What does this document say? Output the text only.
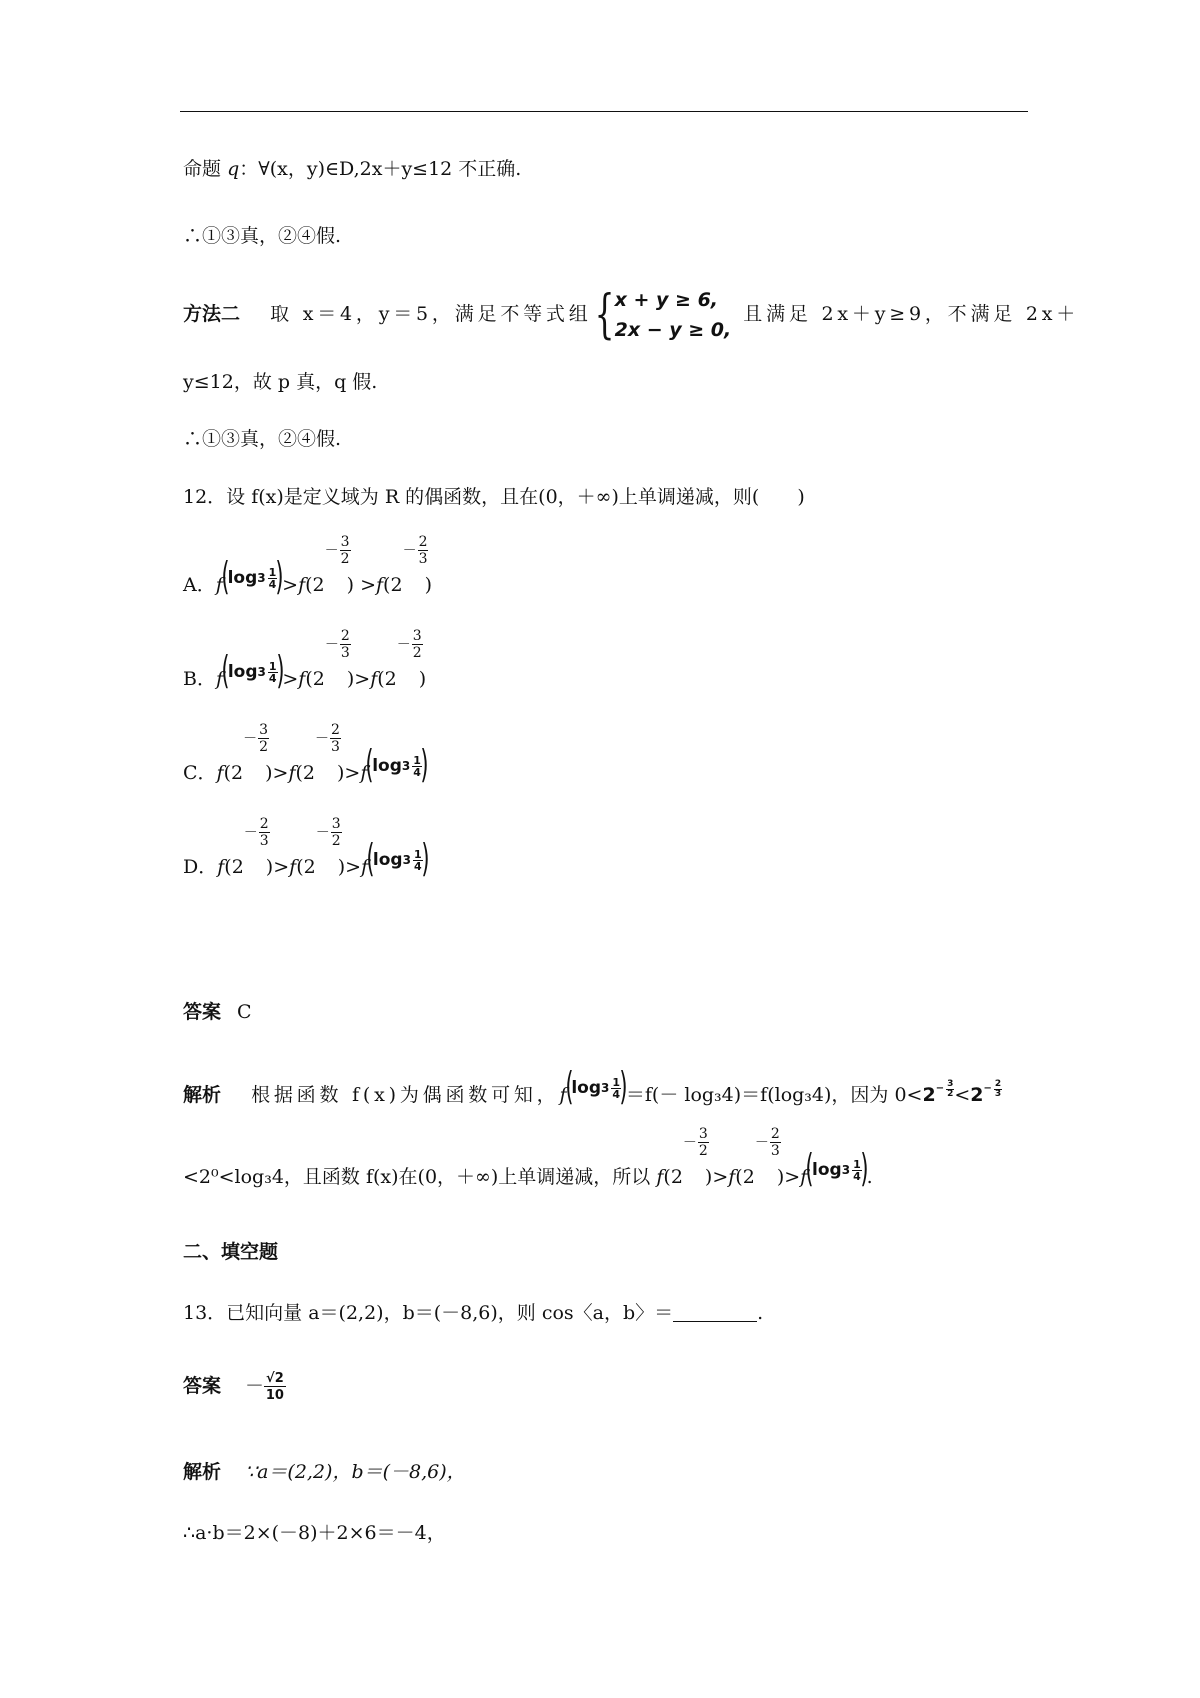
命题 q：∀(x，y)∈D,2x＋y≤12 不正确.
∴①③真，②④假.
方法二 取 x＝4，y＝5，满足不等式组{ x + y ≥ 6,
2x − y ≥ 0,
且满足 2x＋y≥9，不满足 2x＋
y≤12，故 p 真，q 假.
∴①③真，②④假.
12．设 f(x)是定义域为 R 的偶函数，且在(0，＋∞)上单调递减，则(　　)
A．f
(
log 3 1
4 )
>f(2
－ $\frac{3}{2}$
) >f(2
－ $\frac{2}{3}$
)
B．f
(
log 3 1
4 )
>f(2
－ $\frac{2}{3}$
)>f(2
－ $\frac{3}{2}$
)
C．f(2
－ $\frac{3}{2}$
)>f(2
－ $\frac{2}{3}$
)>f
(
log 3 1
4 )
D．f(2
－ $\frac{2}{3}$
)>f(2
－ $\frac{3}{2}$
)>f
(
log 3 1
4 )
答案 C
解析 根据函数 f(x)为偶函数可知，f
(
log 3 1
4 )
＝f(－ log₃4)＝f(log₃4)，因为 0<2− 3
2 <2− 2
3
<2⁰<log₃4，且函数 f(x)在(0，＋∞)上单调递减，所以 f(2
－ $\frac{3}{2}$
)>f(2
－ $\frac{2}{3}$
)>f
(
log 3 1
4 )
.
二、填空题
13．已知向量 a＝(2,2)，b＝(－8,6)，则 cos〈a，b〉＝	.
答案 － $\frac{√2}{10}$
解析 ∵a＝(2,2)，b＝(－8,6)，
∴a·b＝2×(－8)＋2×6＝－4，
